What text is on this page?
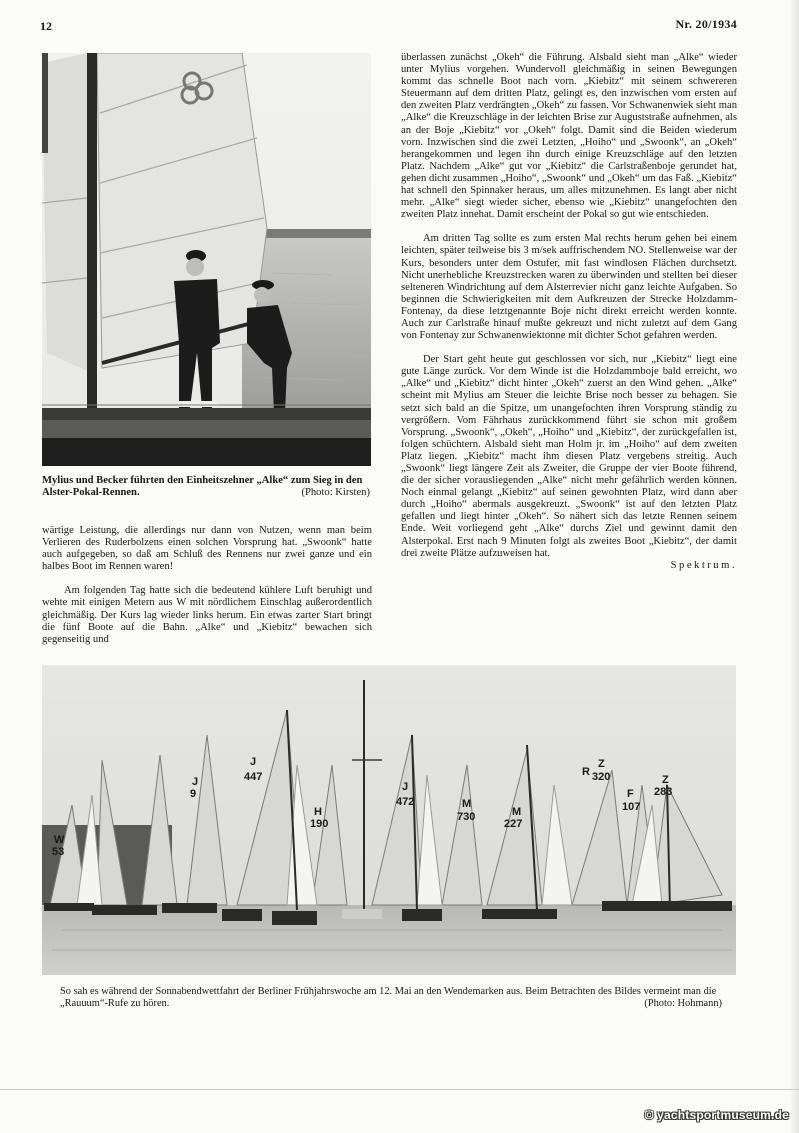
12	Nr. 20/1934
Mylius und Becker führten den Einheitszehner „Alke“ zum Sieg in den Alster-Pokal-Rennen.	(Photo: Kirsten)

wärtige Leistung, die allerdings nur dann von Nutzen, wenn man beim Verlieren des Ruderbolzens einen solchen Vorsprung hat. „Swoonk“ hatte auch aufgegeben, so daß am Schluß des Rennens nur zwei ganze und ein halbes Boot im Rennen waren!

Am folgenden Tag hatte sich die bedeutend kühlere Luft beruhigt und wehte mit einigen Metern aus W mit nördlichem Einschlag außerordentlich gleichmäßig. Der Kurs lag wieder links herum. Ein etwas zarter Start bringt die fünf Boote auf die Bahn. „Alke“ und „Kiebitz“ bewachen sich gegenseitig und

überlassen zunächst „Okeh“ die Führung. Alsbald sieht man „Alke“ wieder unter Mylius vorgehen. Wundervoll gleichmäßig in seinen Bewegungen kommt das schnelle Boot nach vorn. „Kiebitz“ mit seinem schwereren Steuermann auf dem dritten Platz, gelingt es, den inzwischen vom ersten auf den zweiten Platz verdrängten „Okeh“ zu fassen. Vor Schwanenwiek sieht man „Alke“ die Kreuzschläge in der leichten Brise zur Auguststraße aufnehmen, als an der Boje „Kiebitz“ vor „Okeh“ folgt. Damit sind die Beiden wiederum vorn. Inzwischen sind die zwei Letzten, „Hoiho“ und „Swoonk“, an „Okeh“ herangekommen und legen ihn durch einige Kreuzschläge auf den letzten Platz. Nachdem „Alke“ gut vor „Kiebitz“ die Carlstraßenboje gerundet hat, gehen dicht zusammen „Hoiho“, „Swoonk“ und „Okeh“ um das Faß. „Kiebitz“ hat schnell den Spinnaker heraus, um alles mitzunehmen. Es langt aber nicht mehr. „Alke“ siegt wieder sicher, ebenso wie „Kiebitz“ unangefochten den zweiten Platz innehat. Damit erscheint der Pokal so gut wie entschieden.

Am dritten Tag sollte es zum ersten Mal rechts herum gehen bei einem leichten, später teilweise bis 3 m/sek auffrischendem NO. Stellenweise war der Kurs, besonders unter dem Ostufer, mit fast windlosen Flächen durchsetzt. Nicht unerhebliche Kreuzstrecken waren zu überwinden und stellten bei dieser selteneren Windrichtung auf dem Alsterrevier nicht ganz leichte Aufgaben. So beginnen die Schwierigkeiten mit dem Aufkreuzen der Strecke Holzdamm-Fontenay, da diese letztgenannte Boje nicht direkt erreicht werden konnte. Auch zur Carlstraße hinauf mußte gekreuzt und nicht zuletzt auf dem Gang von Fontenay zur Schwanenwiektonne mit dichter Schot gefahren werden.

Der Start geht heute gut geschlossen vor sich, nur „Kiebitz“ liegt eine gute Länge zurück. Vor dem Winde ist die Holzdammboje bald erreicht, wo „Alke“ und „Kiebitz“ dicht hinter „Okeh“ zuerst an den Wind gehen. „Alke“ scheint mit Mylius am Steuer die leichte Brise noch besser zu behagen. Sie setzt sich bald an die Spitze, um unangefochten ihren Vorsprung ständig zu vergrößern. Vom Fährhaus zurückkommend führt sie schon mit großem Vorsprung. „Swoonk“, „Okeh“, „Hoiho“ und „Kiebitz“, der zurückgefallen ist, folgen schüchtern. Alsbald sieht man Holm jr. im „Hoiho“ auf dem zweiten Platz liegen. „Kiebitz“ macht ihm diesen Platz vergebens streitig. Auch „Swoonk“ liegt längere Zeit als Zweiter, die Gruppe der vier Boote führend, die der sicher vorausliegenden „Alke“ nicht mehr gefährlich werden können. Noch einmal gelangt „Kiebitz“ auf seinen gewohnten Platz, wird dann aber durch „Hoiho“ abermals ausgekreuzt. „Swoonk“ ist auf den letzten Platz gefallen und liegt hinter „Okeh“. So nähert sich das letzte Rennen seinem Ende. Weit vorliegend geht „Alke“ durchs Ziel und gewinnt damit den Alsterpokal. Erst nach 9 Minuten folgt als zweites Boot „Kiebitz“, der damit drei zweite Plätze aufzuweisen hat.

Spektrum.

W
53
J
9
J
447
H
190
J
472	M
730	M
227
R
Z
320
F
107
Z
283
So sah es während der Sonnabendwettfahrt der Berliner Frühjahrswoche am 12. Mai an den Wendemarken aus. Beim Betrachten des Bildes vermeint man die „Rauuum“-Rufe zu hören.	(Photo: Hohmann)
© yachtsportmuseum.de
